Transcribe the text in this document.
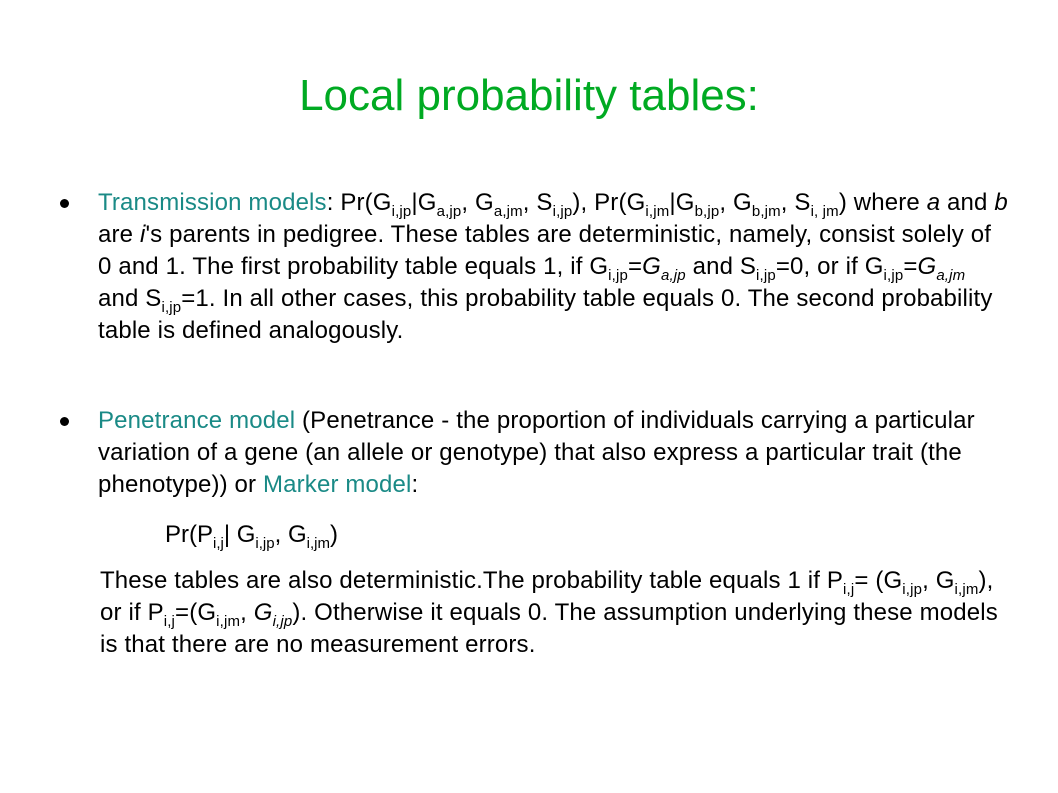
Local probability tables:
Transmission models: $Pr(G_{i,jp}|G_{a,jp}$, $G_{a,jm}$, $S_{i,jp}$), $Pr(G_{i,jm}|G_{b,jp}$, $G_{b,jm}$, $S_{i, jm}$) where a and b are i's parents in pedigree. These tables are deterministic, namely, consist solely of 0 and 1. The first probability table equals 1, if $G_{i,jp}=G_{a,jp}$ and $S_{i,jp}=0$, or if $G_{i,jp}=G_{a,jm}$ and $S_{i,jp}=1$. In all other cases, this probability table equals 0. The second probability table is defined analogously.
Penetrance model (Penetrance - the proportion of individuals carrying a particular variation of a gene (an allele or genotype) that also express a particular trait (the phenotype)) or Marker model:
$Pr(P_{i,j}|$ $G_{i,jp}$, $G_{i,jm}$)
These tables are also deterministic.The probability table equals 1 if $P_{i,j}= (G_{i,jp}$, $G_{i,jm}$), or if $P_{i,j}=(G_{i,jm}$, $G_{i,jp}$). Otherwise it equals 0. The assumption underlying these models is that there are no measurement errors.
